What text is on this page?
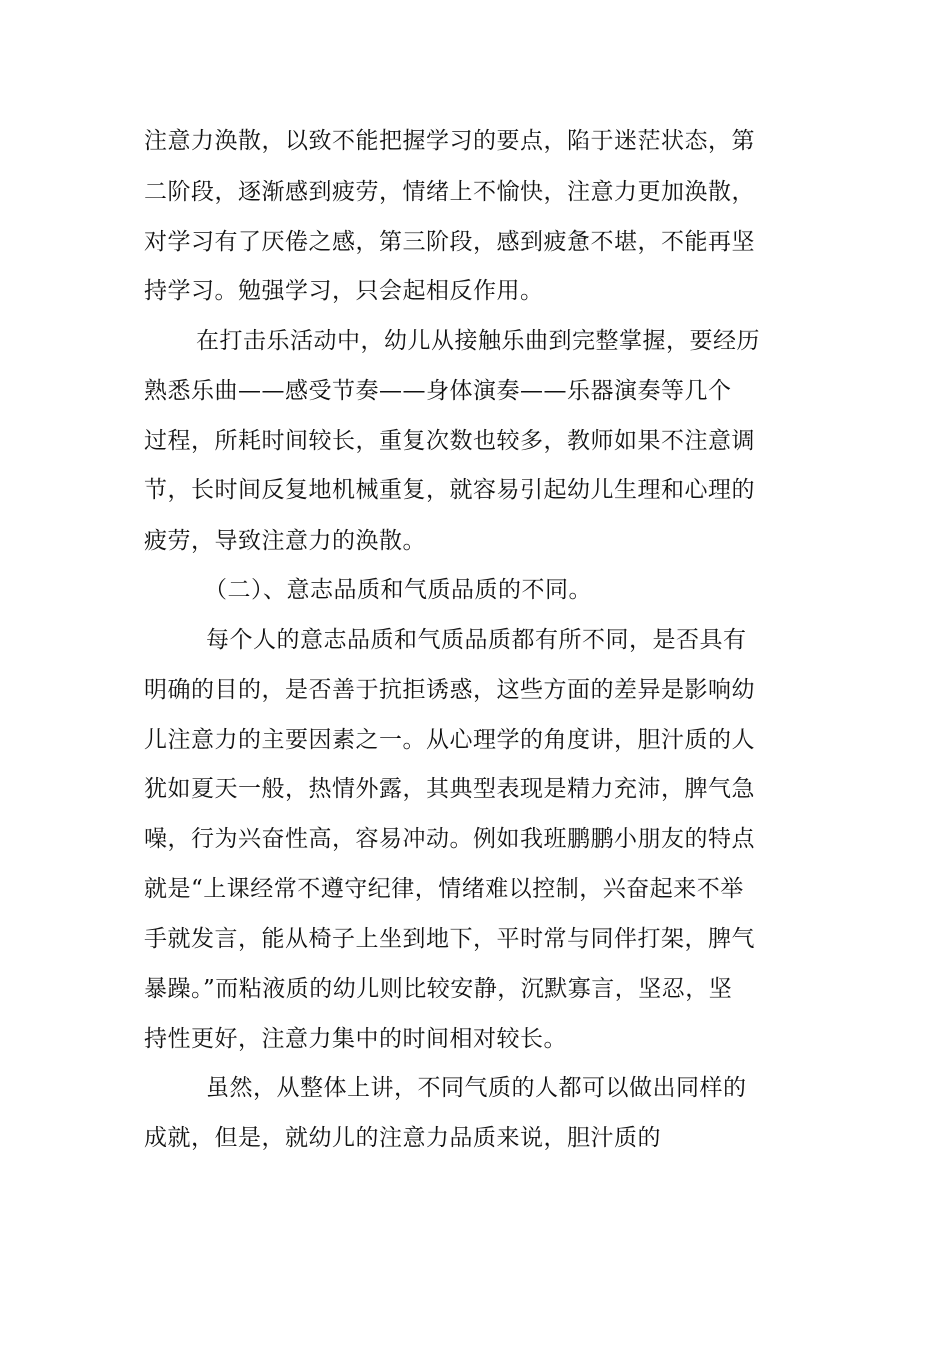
注意力涣散，以致不能把握学习的要点，陷于迷茫状态，第
二阶段，逐渐感到疲劳，情绪上不愉快，注意力更加涣散，
对学习有了厌倦之感，第三阶段，感到疲惫不堪，不能再坚
持学习。勉强学习，只会起相反作用。
在打击乐活动中，幼儿从接触乐曲到完整掌握，要经历
熟悉乐曲——感受节奏——身体演奏——乐器演奏等几个
过程，所耗时间较长，重复次数也较多，教师如果不注意调
节，长时间反复地机械重复，就容易引起幼儿生理和心理的
疲劳，导致注意力的涣散。
（二）、意志品质和气质品质的不同。
每个人的意志品质和气质品质都有所不同，是否具有
明确的目的，是否善于抗拒诱惑，这些方面的差异是影响幼
儿注意力的主要因素之一。从心理学的角度讲，胆汁质的人
犹如夏天一般，热情外露，其典型表现是精力充沛，脾气急
噪，行为兴奋性高，容易冲动。例如我班鹏鹏小朋友的特点
就是“上课经常不遵守纪律，情绪难以控制，兴奋起来不举
手就发言，能从椅子上坐到地下，平时常与同伴打架，脾气
暴躁。”而粘液质的幼儿则比较安静，沉默寡言，坚忍，坚
持性更好，注意力集中的时间相对较长。
虽然，从整体上讲，不同气质的人都可以做出同样的
成就，但是，就幼儿的注意力品质来说，胆汁质的
